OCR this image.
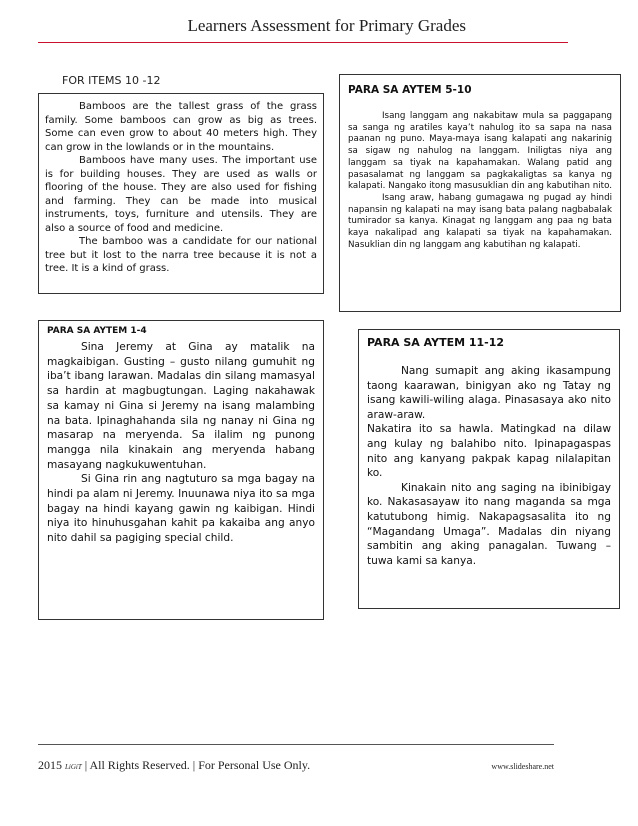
Learners Assessment for Primary Grades
FOR ITEMS 10 -12

Bamboos are the tallest grass of the grass family. Some bamboos can grow as big as trees. Some can even grow to about 40 meters high. They can grow in the lowlands or in the mountains.

Bamboos have many uses. The important use is for building houses. They are used as walls or flooring of the house. They are also used for fishing and farming. They can be made into musical instruments, toys, furniture and utensils. They are also a source of food and medicine.

The bamboo was a candidate for our national tree but it lost to the narra tree because it is not a tree. It is a kind of grass.

PARA SA AYTEM 5-10

Isang langgam ang nakabitaw mula sa paggapang sa sanga ng aratiles kaya’t nahulog ito sa sapa na nasa paanan ng puno. Maya-maya isang kalapati ang nakarinig sa sigaw ng nahulog na langgam. Iniligtas niya ang langgam sa tiyak na kapahamakan. Walang patid ang pasasalamat ng langgam sa pagkakaligtas sa kanya ng kalapati. Nangako itong masusuklian din ang kabutihan nito.

Isang araw, habang gumagawa ng pugad ay hindi napansin ng kalapati na may isang bata palang nagbabalak tumirador sa kanya. Kinagat ng langgam ang paa ng bata kaya nakalipad ang kalapati sa tiyak na kapahamakan. Nasuklian din ng langgam ang kabutihan ng kalapati.

PARA SA AYTEM 1-4

Sina Jeremy at Gina ay matalik na magkaibigan. Gusting – gusto nilang gumuhit ng iba’t ibang larawan. Madalas din silang mamasyal sa hardin at magbugtungan. Laging nakahawak sa kamay ni Gina si Jeremy na isang malambing na bata. Ipinaghahanda sila ng nanay ni Gina ng masarap na meryenda. Sa ilalim ng punong mangga nila kinakain ang meryenda habang masayang nagkukuwentuhan.

Si Gina rin ang nagtuturo sa mga bagay na hindi pa alam ni Jeremy. Inuunawa niya ito sa mga bagay na hindi kayang gawin ng kaibigan. Hindi niya ito hinuhusgahan kahit pa kakaiba ang anyo nito dahil sa pagiging special child.

PARA SA AYTEM 11-12

Nang sumapit ang aking ikasampung taong kaarawan, binigyan ako ng Tatay ng isang kawili-wiling alaga. Pinasasaya ako nito araw-araw.

Nakatira ito sa hawla. Matingkad na dilaw ang kulay ng balahibo nito. Ipinapagaspas nito ang kanyang pakpak kapag nilalapitan ko.

Kinakain nito ang saging na ibinibigay ko. Nakasasayaw ito nang maganda sa mga katutubong himig. Nakapagsasalita ito ng “Magandang Umaga”. Madalas din niyang sambitin ang aking panagalan. Tuwang – tuwa kami sa kanya.

2015 LiGiT | All Rights Reserved. | For Personal Use Only.	www.slideshare.net
